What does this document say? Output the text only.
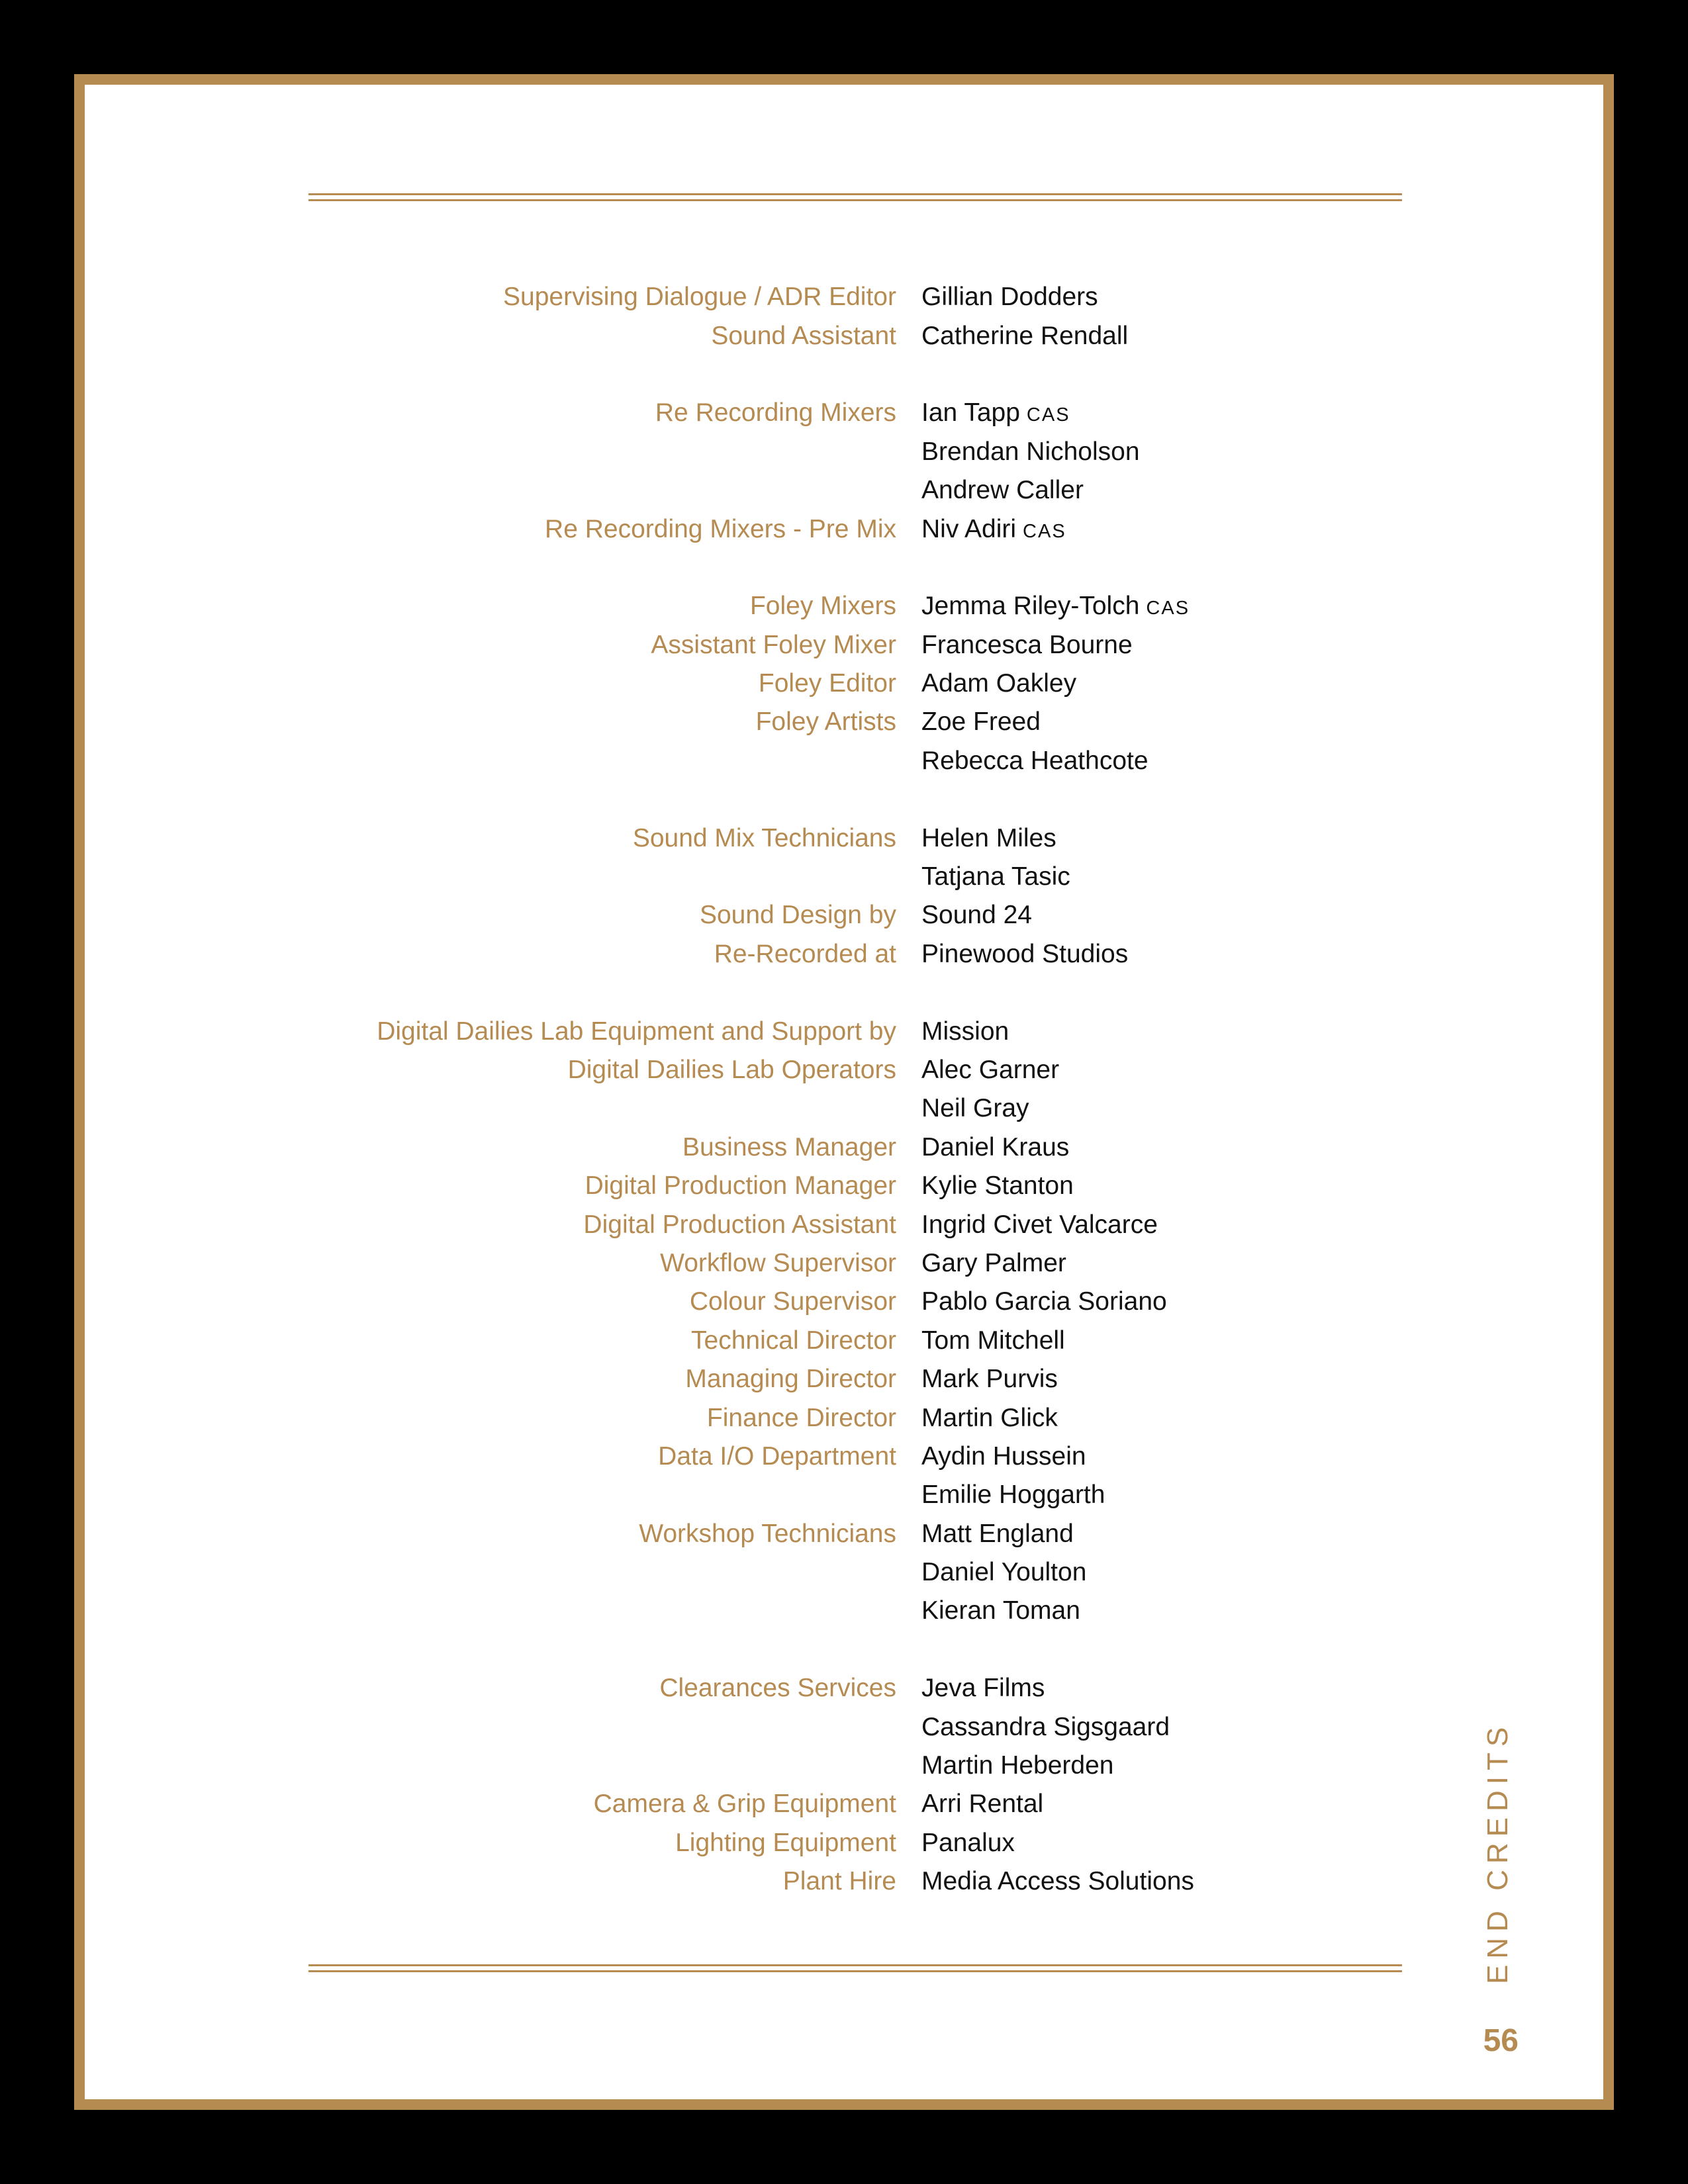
Supervising Dialogue / ADR Editor Gillian Dodders
Sound Assistant Catherine Rendall
Re Recording Mixers Ian Tapp CAS
Brendan Nicholson
Andrew Caller
Re Recording Mixers - Pre Mix Niv Adiri CAS
Foley Mixers Jemma Riley-Tolch CAS
Assistant Foley Mixer Francesca Bourne
Foley Editor Adam Oakley
Foley Artists Zoe Freed
Rebecca Heathcote
Sound Mix Technicians Helen Miles
Tatjana Tasic
Sound Design by Sound 24
Re-Recorded at Pinewood Studios
Digital Dailies Lab Equipment and Support by Mission
Digital Dailies Lab Operators Alec Garner
Neil Gray
Business Manager Daniel Kraus
Digital Production Manager Kylie Stanton
Digital Production Assistant Ingrid Civet Valcarce
Workflow Supervisor Gary Palmer
Colour Supervisor Pablo Garcia Soriano
Technical Director Tom Mitchell
Managing Director Mark Purvis
Finance Director Martin Glick
Data I/O Department Aydin Hussein
Emilie Hoggarth
Workshop Technicians Matt England
Daniel Youlton
Kieran Toman
Clearances Services Jeva Films
Cassandra Sigsgaard
Martin Heberden
Camera & Grip Equipment Arri Rental
Lighting Equipment Panalux
Plant Hire Media Access Solutions	END CREDITS
56
